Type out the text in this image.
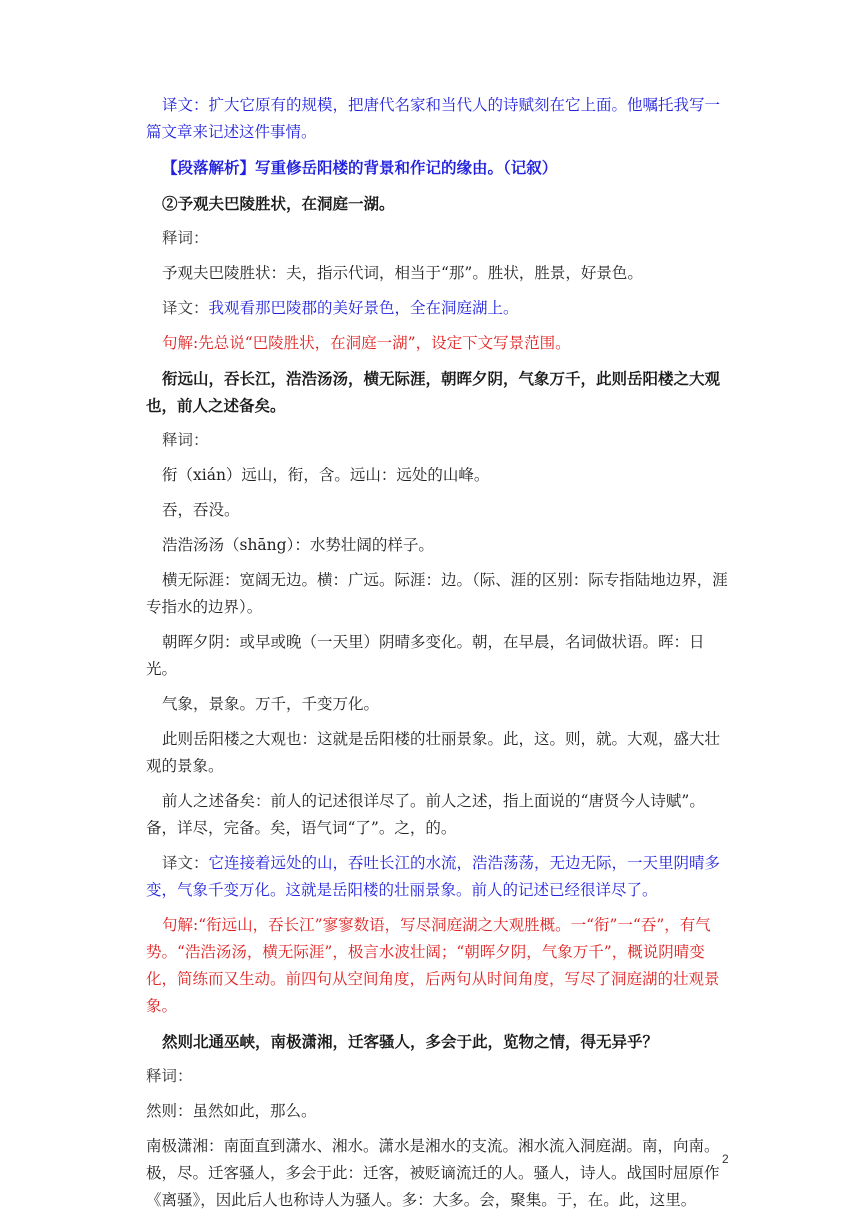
译文：扩大它原有的规模，把唐代名家和当代人的诗赋刻在它上面。他嘱托我写一篇文章来记述这件事情。

【段落解析】写重修岳阳楼的背景和作记的缘由。（记叙）

②予观夫巴陵胜状，在洞庭一湖。

释词：

予观夫巴陵胜状：夫，指示代词，相当于“那”。胜状，胜景，好景色。

译文：我观看那巴陵郡的美好景色，全在洞庭湖上。

句解:先总说“巴陵胜状，在洞庭一湖”，设定下文写景范围。

衔远山，吞长江，浩浩汤汤，横无际涯，朝晖夕阴，气象万千，此则岳阳楼之大观也，前人之述备矣。

释词：

衔（xián）远山，衔，含。远山：远处的山峰。

吞，吞没。

浩浩汤汤（shāng）：水势壮阔的样子。

横无际涯：宽阔无边。横：广远。际涯：边。（际、涯的区别：际专指陆地边界，涯专指水的边界）。

朝晖夕阴：或早或晚（一天里）阴晴多变化。朝，在早晨，名词做状语。晖：日光。

气象，景象。万千，千变万化。

此则岳阳楼之大观也：这就是岳阳楼的壮丽景象。此，这。则，就。大观，盛大壮观的景象。

前人之述备矣：前人的记述很详尽了。前人之述，指上面说的“唐贤今人诗赋”。备，详尽，完备。矣，语气词“了”。之，的。

译文：它连接着远处的山，吞吐长江的水流，浩浩荡荡，无边无际，一天里阴晴多变，气象千变万化。这就是岳阳楼的壮丽景象。前人的记述已经很详尽了。

句解:“衔远山，吞长江”寥寥数语，写尽洞庭湖之大观胜概。一“衔”一“吞”，有气势。“浩浩汤汤，横无际涯”，极言水波壮阔；“朝晖夕阴，气象万千”，概说阴晴变化，简练而又生动。前四句从空间角度，后两句从时间角度，写尽了洞庭湖的壮观景象。

然则北通巫峡，南极潇湘，迁客骚人，多会于此，览物之情，得无异乎？

释词：

然则：虽然如此，那么。

南极潇湘：南面直到潇水、湘水。潇水是湘水的支流。湘水流入洞庭湖。南，向南。极，尽。迁客骚人，多会于此：迁客，被贬谪流迁的人。骚人，诗人。战国时屈原作《离骚》，因此后人也称诗人为骚人。多：大多。会，聚集。于，在。此，这里。

2
